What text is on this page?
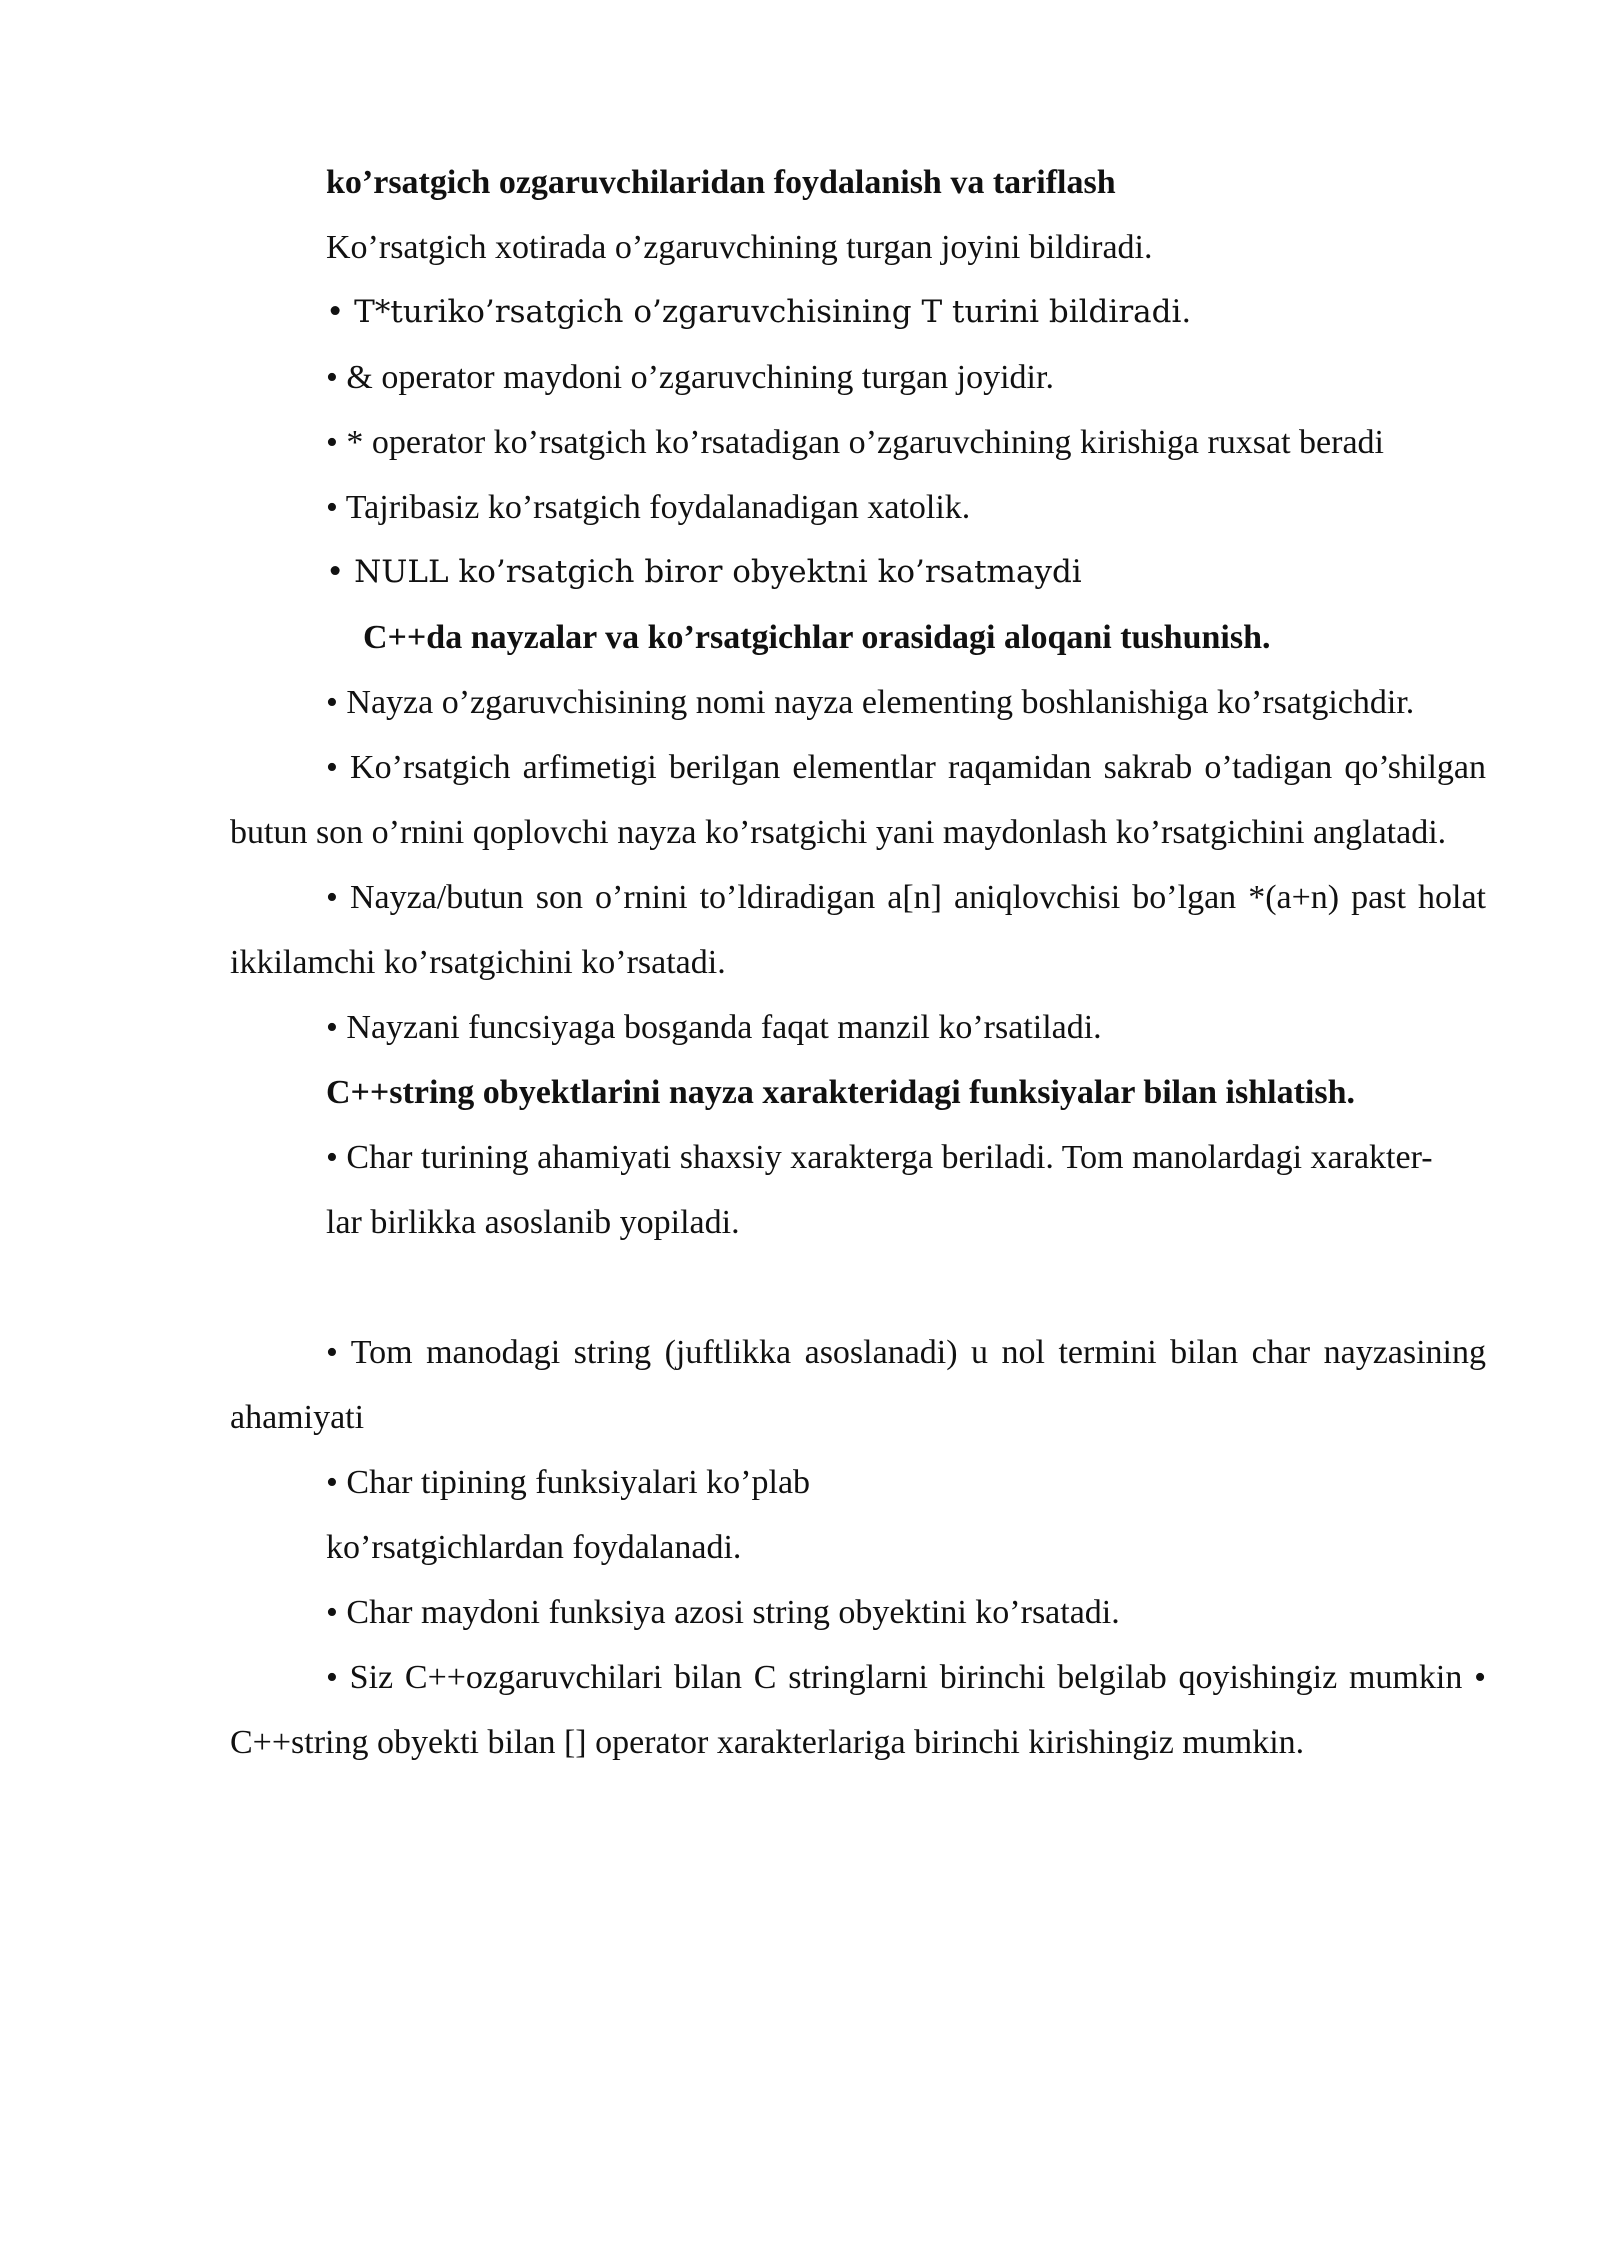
ko’rsatgich ozgaruvchilaridan foydalanish va tariflash

Ko’rsatgich xotirada o’zgaruvchining turgan joyini bildiradi.

• T*turiko’rsatgich o’zgaruvchisining T turini bildiradi.

• & operator maydoni o’zgaruvchining turgan joyidir.

• * operator ko’rsatgich ko’rsatadigan o’zgaruvchining kirishiga ruxsat beradi

• Tajribasiz ko’rsatgich foydalanadigan xatolik.

• NULL ko’rsatgich biror obyektni ko’rsatmaydi

C++da nayzalar va ko’rsatgichlar orasidagi aloqani tushunish.

• Nayza o’zgaruvchisining nomi nayza elementing boshlanishiga ko’rsatgichdir.

• Ko’rsatgich arfimetigi berilgan elementlar raqamidan sakrab o’tadigan qo’shilgan butun son o’rnini qoplovchi nayza ko’rsatgichi yani maydonlash ko’rsatgichini anglatadi.

• Nayza/butun son o’rnini to’ldiradigan a[n] aniqlovchisi bo’lgan *(a+n) past holat ikkilamchi ko’rsatgichini ko’rsatadi.

• Nayzani funcsiyaga bosganda faqat manzil ko’rsatiladi.

C++string obyektlarini nayza xarakteridagi funksiyalar bilan ishlatish.

• Char turining ahamiyati shaxsiy xarakterga beriladi. Tom manolardagi xarakter-

lar birlikka asoslanib yopiladi.

• Tom manodagi string (juftlikka asoslanadi) u nol termini bilan char nayzasining ahamiyati

• Char tipining funksiyalari ko’plab

ko’rsatgichlardan foydalanadi.

• Char maydoni funksiya azosi string obyektini ko’rsatadi.

• Siz C++ozgaruvchilari bilan C stringlarni birinchi belgilab qoyishingiz mumkin • C++string obyekti bilan [] operator xarakterlariga birinchi kirishingiz mumkin.
